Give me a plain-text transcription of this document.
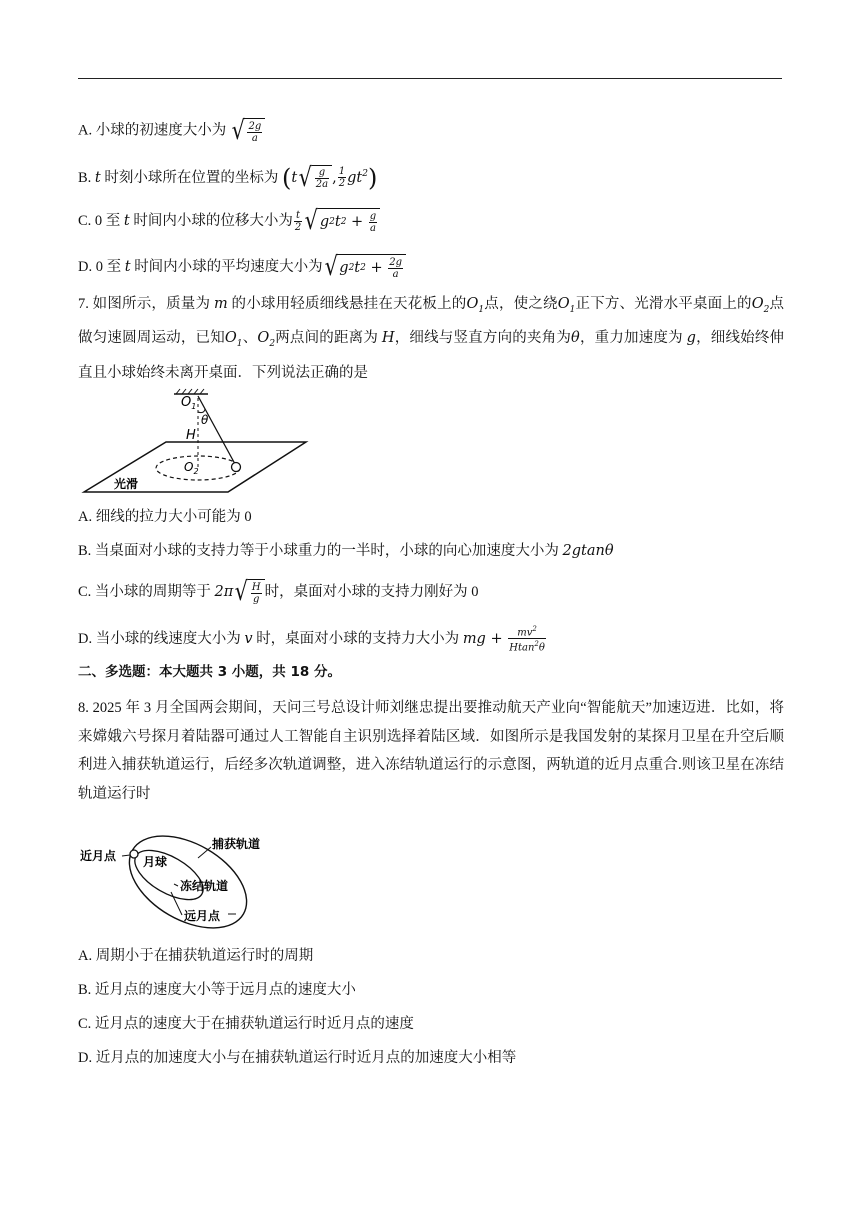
A. 小球的初速度大小为 √ $\frac{2g}{a}$
B. t 时刻小球所在位置的坐标为 (t √ $\frac{g}{2a}$ , $\frac{1}{2} gt^2$)
C. 0 至 t 时间内小球的位移大小为 $\frac{t}{2}$ √ g 2 t $2 + \frac{g}{a}$
D. 0 至 t 时间内小球的平均速度大小为 √ g 2 t $2 + \frac{2g}{a}$
7. 如图所示，质量为 m 的小球用轻质细线悬挂在天花板上的$O_1$点，使之绕$O_1$正下方、光滑水平桌面上的$O_2$点做匀速圆周运动，已知$O_1$、$O_2$两点间的距离为 H，细线与竖直方向的夹角为θ，重力加速度为 g，细线始终伸直且小球始终未离开桌面．下列说法正确的是
$O_1$
θ
H
$O_2$
光滑
A. 细线的拉力大小可能为 0
B. 当桌面对小球的支持力等于小球重力的一半时，小球的向心加速度大小为 2gtanθ
C. 当小球的周期等于 2π √ $\frac{H}{g}$ 时，桌面对小球的支持力刚好为 0
D. 当小球的线速度大小为 v 时，桌面对小球的支持力大小为 mg + $\frac{mv^2}{Htan^2\theta}$
二、多选题：本大题共 3 小题，共 18 分。
8. 2025 年 3 月全国两会期间，天问三号总设计师刘继忠提出要推动航天产业向“智能航天”加速迈进．比如，将来嫦娥六号探月着陆器可通过人工智能自主识别选择着陆区域．如图所示是我国发射的某探月卫星在升空后顺利进入捕获轨道运行，后经多次轨道调整，进入冻结轨道运行的示意图，两轨道的近月点重合.则该卫星在冻结轨道运行时
近月点 月球
捕获轨道
冻结轨道
远月点
A. 周期小于在捕获轨道运行时的周期
B. 近月点的速度大小等于远月点的速度大小
C. 近月点的速度大于在捕获轨道运行时近月点的速度
D. 近月点的加速度大小与在捕获轨道运行时近月点的加速度大小相等
